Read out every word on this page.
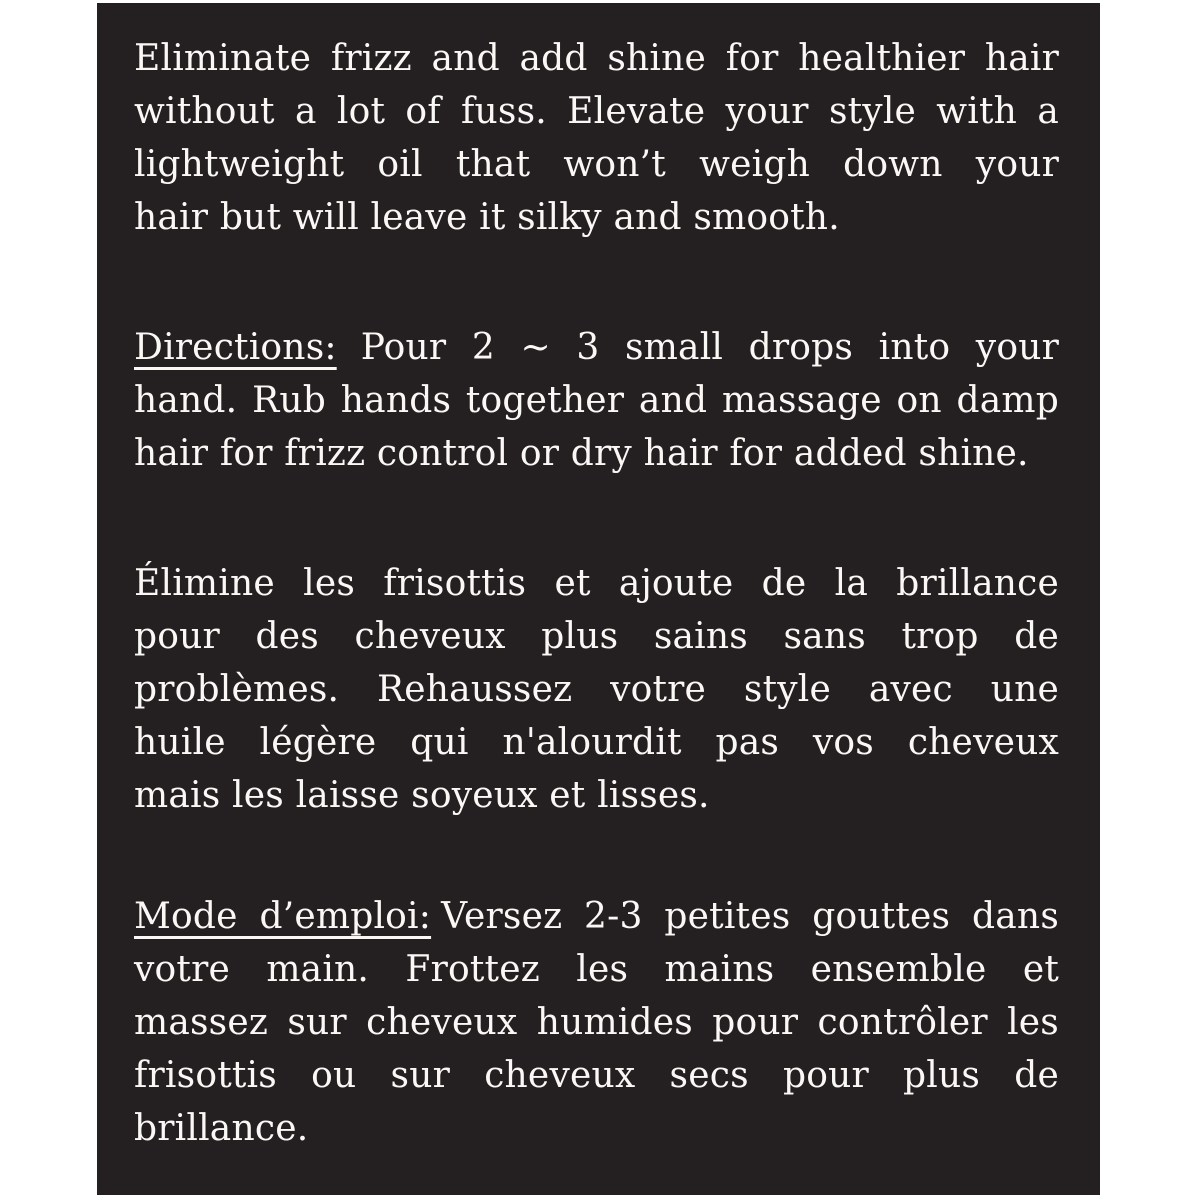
Eliminate frizz and add shine for healthier hair
without a lot of fuss. Elevate your style with a
lightweight oil that won’t weigh down your
hair but will leave it silky and smooth.
Directions: Pour 2 ~ 3 small drops into your
hand. Rub hands together and massage on damp
hair for frizz control or dry hair for added shine.
Élimine les frisottis et ajoute de la brillance
pour des cheveux plus sains sans trop de
problèmes. Rehaussez votre style avec une
huile légère qui n'alourdit pas vos cheveux
mais les laisse soyeux et lisses.
Mode d’emploi: Versez 2-3 petites gouttes dans
votre main. Frottez les mains ensemble et
massez sur cheveux humides pour contrôler les
frisottis ou sur cheveux secs pour plus de
brillance.
